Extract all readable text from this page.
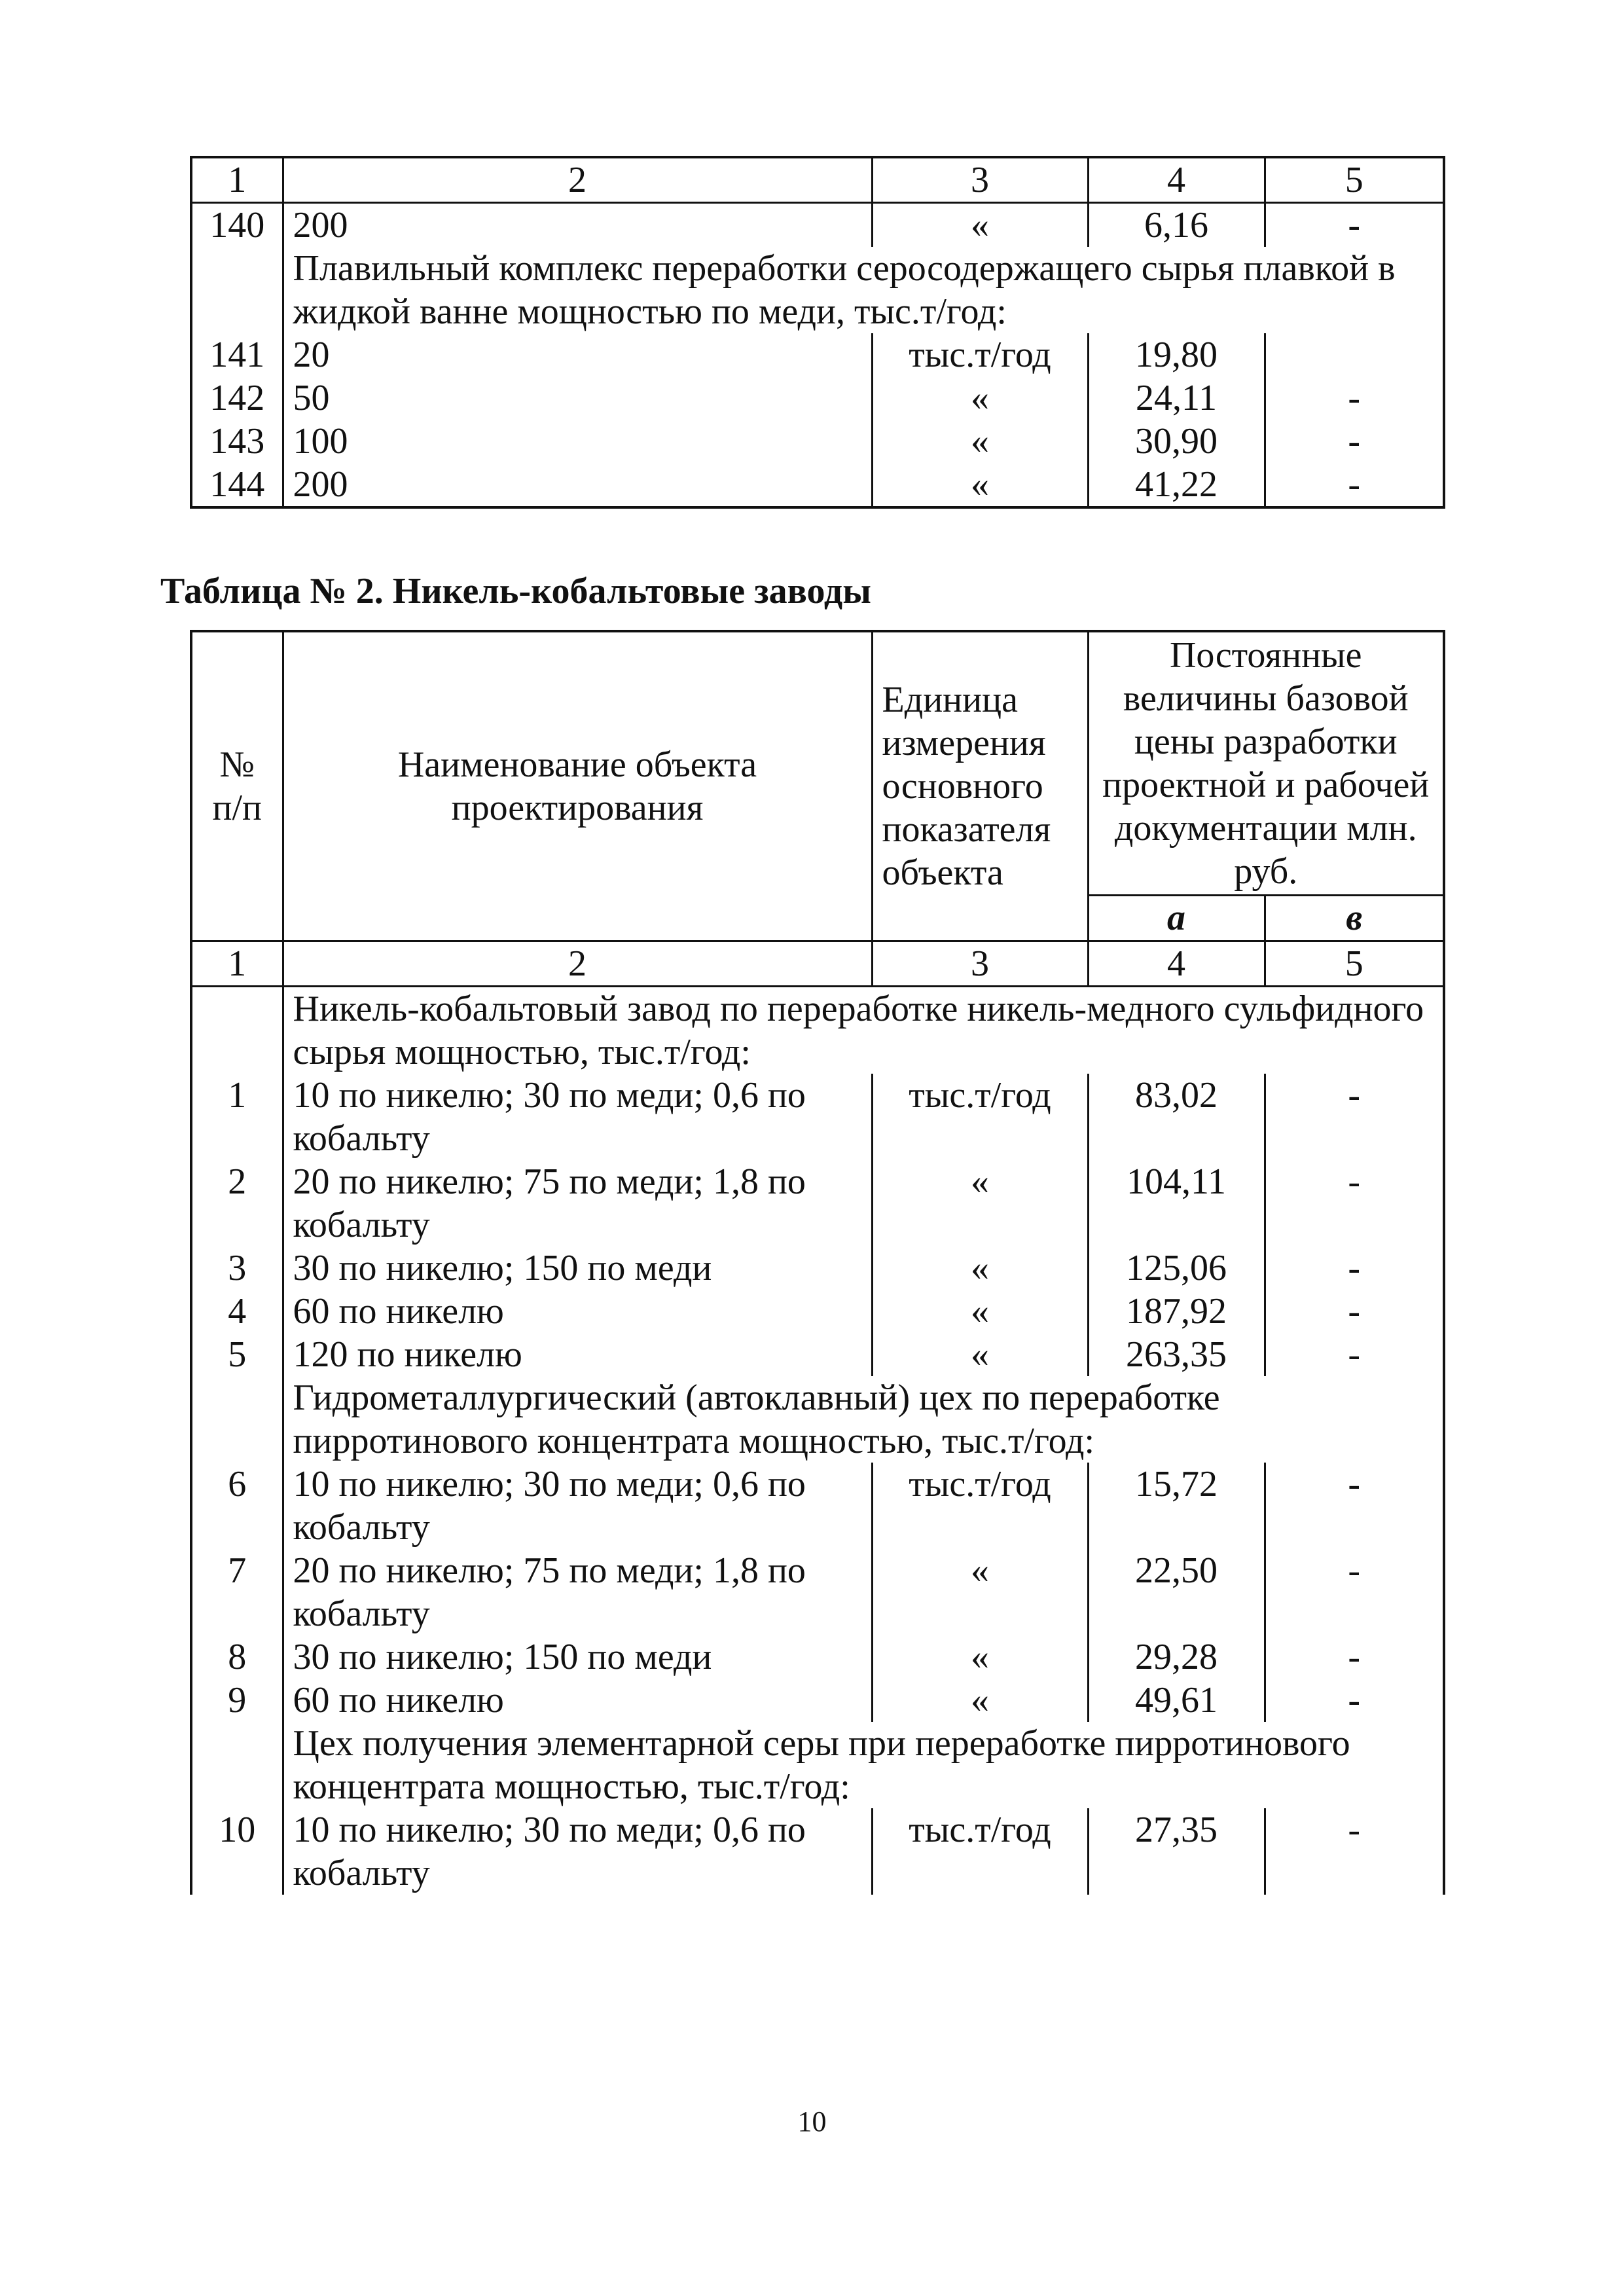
1	2	3	4	5
140	200	«	6,16	-
	Плавильный комплекс переработки серосодержащего сырья плавкой в жидкой ванне мощностью по меди, тыс.т/год:			
141	20	тыс.т/год	19,80	
142	50	«	24,11	-
143	100	«	30,90	-
144	200	«	41,22	-
Таблица № 2. Никель-кобальтовые заводы
№ п/п	Наименование объекта проектирования	Единица измерения основного показателя объекта	Постоянные величины базовой цены разработки проектной и рабочей документации млн. руб.	
			а	в
1	2	3	4	5
	Никель-кобальтовый завод по переработке никель-медного сульфидного сырья мощностью, тыс.т/год:			
1	10 по никелю; 30 по меди; 0,6 по кобальту	тыс.т/год	83,02	-
2	20 по никелю; 75 по меди; 1,8 по кобальту	«	104,11	-
3	30 по никелю; 150 по меди	«	125,06	-
4	60 по никелю	«	187,92	-
5	120 по никелю	«	263,35	-
	Гидрометаллургический (автоклавный) цех по переработке пирротинового концентрата мощностью, тыс.т/год:			
6	10 по никелю; 30 по меди; 0,6 по кобальту	тыс.т/год	15,72	-
7	20 по никелю; 75 по меди; 1,8 по кобальту	«	22,50	-
8	30 по никелю; 150 по меди	«	29,28	-
9	60 по никелю	«	49,61	-
	Цех получения элементарной серы при переработке пирротинового концентрата мощностью, тыс.т/год:			
10	10 по никелю; 30 по меди; 0,6 по кобальту	тыс.т/год	27,35	-
10
